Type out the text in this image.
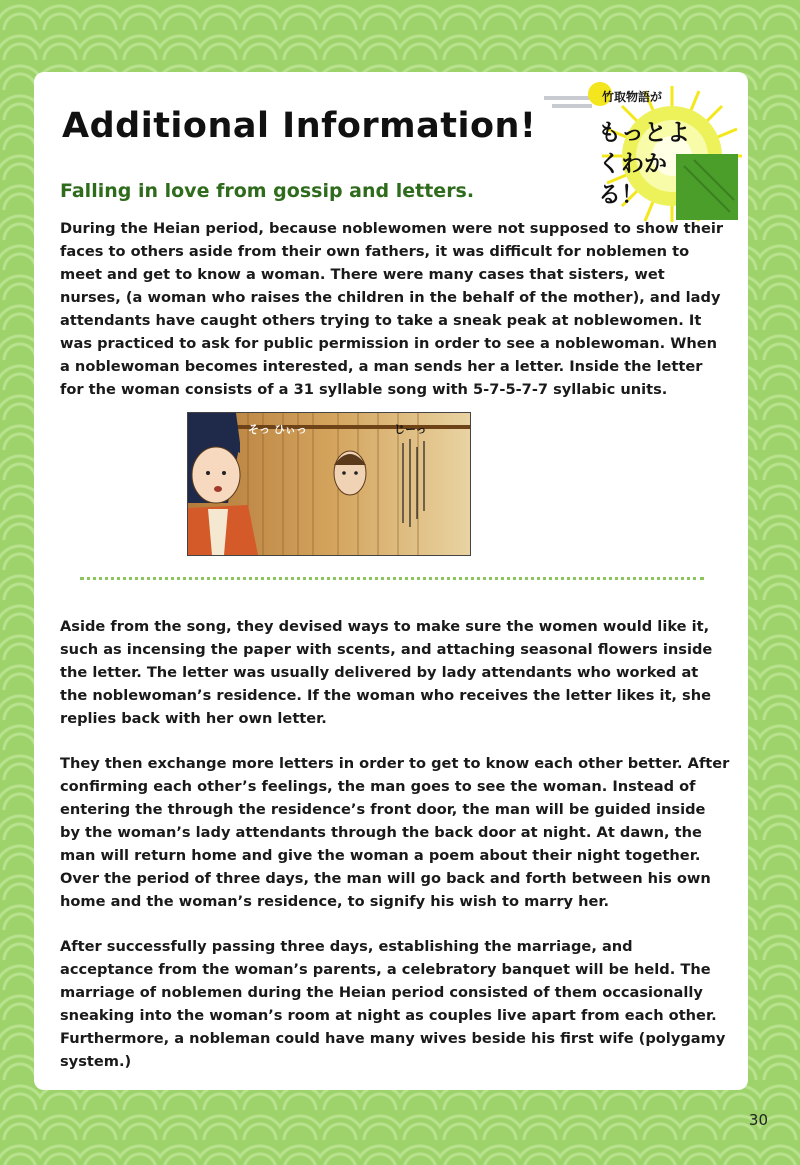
Additional Information!
竹取物語が
もっとよくわかる！
Falling in love from gossip and letters.

During the Heian period, because noblewomen were not supposed to show their faces to others aside from their own fathers, it was difficult for noblemen to meet and get to know a woman. There were many cases that sisters, wet nurses, (a woman who raises the children in the behalf of the mother), and lady attendants have caught others trying to take a sneak peak at noblewomen. It was practiced to ask for public permission in order to see a noblewoman. When a noblewoman becomes interested, a man sends her a letter. Inside the letter for the woman consists of a 31 syllable song with 5-7-5-7-7 syllabic units.

そっ ひぃっ	じーっ

Aside from the song, they devised ways to make sure the women would like it, such as incensing the paper with scents, and attaching seasonal flowers inside the letter. The letter was usually delivered by lady attendants who worked at the noblewoman’s residence. If the woman who receives the letter likes it, she replies back with her own letter.

They then exchange more letters in order to get to know each other better. After confirming each other’s feelings, the man goes to see the woman. Instead of entering the through the residence’s front door, the man will be guided inside by the woman’s lady attendants through the back door at night. At dawn, the man will return home and give the woman a poem about their night together. Over the period of three days, the man will go back and forth between his own home and the woman’s residence, to signify his wish to marry her.

After successfully passing three days, establishing the marriage, and acceptance from the woman’s parents, a celebratory banquet will be held. The marriage of noblemen during the Heian period consisted of them occasionally sneaking into the woman’s room at night as couples live apart from each other. Furthermore, a nobleman could have many wives beside his first wife (polygamy system.)

30
